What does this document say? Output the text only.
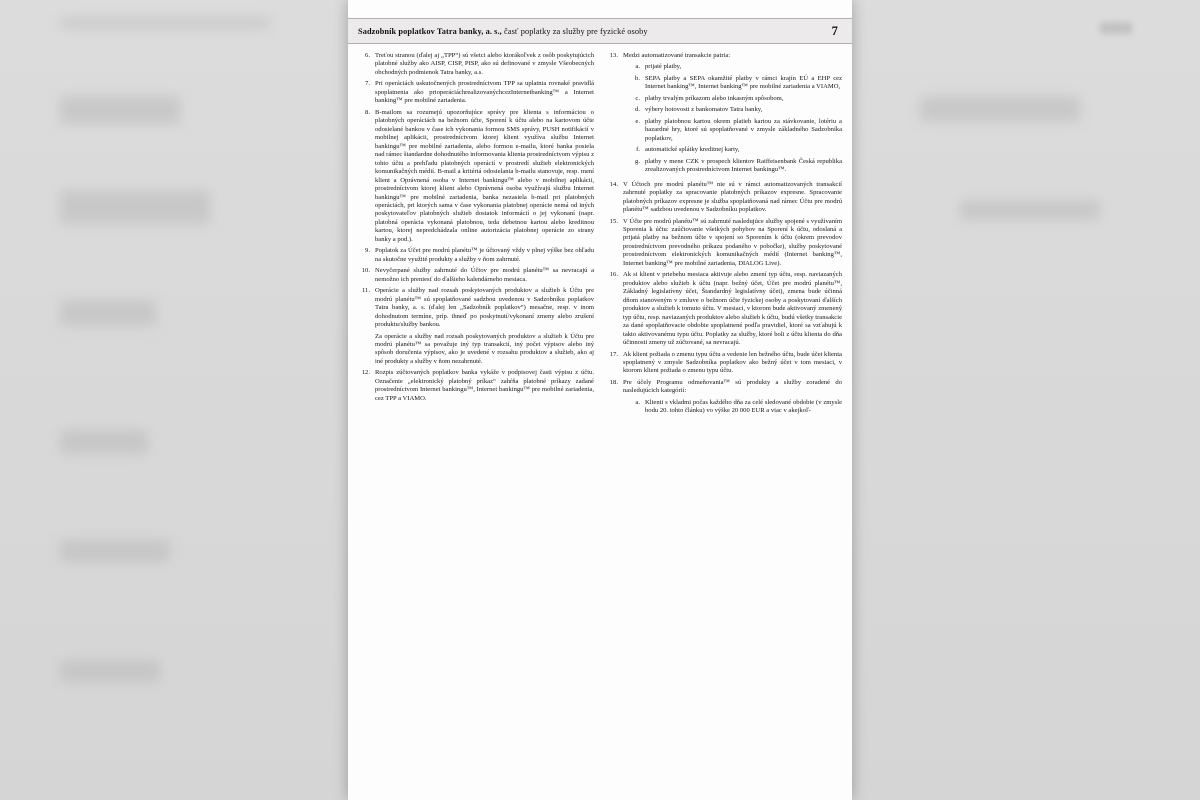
Sadzobník poplatkov Tatra banky, a. s., časť poplatky za služby pre fyzické osoby	7
6. Treťou stranou (ďalej aj „TPP“) sú všetci alebo ktorákoľvek z osôb poskytujúcich platobné služby ako AISP, CISP, PISP, ako sú definované v zmysle Všeobecných obchodných podmienok Tatra banky, a.s.

7. Pri operáciách uskutočnených prostredníctvom TPP sa uplatnia rovnaké pravidlá spoplatnenia ako prioperáciáchrealizovanýchcezInternetbanking™ a Internet banking™ pre mobilné zariadenia.

8. B-mailom sa rozumejú upozorňujúce správy pre klienta s informáciou o platobných operáciách na bežnom účte, Sporení k účtu alebo na kartovom účte odosielané bankou v čase ich vykonania formou SMS správy, PUSH notifikácií v mobilnej aplikácii, prostredníctvom ktorej klient využíva službu Internet bankingu™ pre mobilné zariadenia, alebo formou e-mailu, ktoré banka posiela nad rámec štandardne dohodnutého informovania klienta prostredníctvom výpisu z tohto účtu a prehľadu platobných operácií v prostredí služieb elektronických komunikačných médií. B-mail a kritériá odosielania b-mailu stanovuje, resp. mení klient a Oprávnená osoba v Internet bankingu™ alebo v mobilnej aplikácii, prostredníctvom ktorej klient alebo Oprávnená osoba využívajú službu Internet bankingu™ pre mobilné zariadenia, banka nezasiela b-mail pri platobných operáciách, pri ktorých sama v čase vykonania platobnej operácie nemá od iných poskytovateľov platobných služieb dostatok informácií o jej vykonaní (napr. platobná operácia vykonaná platobnou, teda debetnou kartou alebo kreditnou kartou, ktorej nepredchádzala online autorizácia platobnej operácie zo strany banky a pod.).

9. Poplatok za Účet pre modrú planétu™ je účtovaný vždy v plnej výške bez ohľadu na skutočne využité produkty a služby v ňom zahrnuté.

10. Nevyčerpané služby zahrnuté do Účtov pre modrú planétu™ sa nevracajú a nemožno ich preniesť do ďalšieho kalendárneho mesiaca.

11. Operácie a služby nad rozsah poskytovaných produktov a služieb k Účtu pre modrú planétu™ sú spoplatňované sadzbou uvedenou v Sadzobníku poplatkov Tatra banky, a. s. (ďalej len „Sadzobník poplatkov“) mesačne, resp. v inom dohodnutom termíne, príp. ihneď po poskytnutí/vykonaní zmeny alebo zrušení produktu/služby bankou.

Za operácie a služby nad rozsah poskytovaných produktov a služieb k Účtu pre modrú planétu™ sa považuje iný typ transakcií, iný počet výpisov alebo iný spôsob doručenia výpisov, ako je uvedené v rozsahu produktov a služieb, ako aj iné produkty a služby v ňom nezahrnuté.

12. Rozpis zúčtovaných poplatkov banka vykáže v podpisovej časti výpisu z účtu. Označenie „elektronický platobný príkaz“ zahŕňa platobné príkazy zadané prostredníctvom Internet bankingu™, Internet bankingu™ pre mobilné zariadenia, cez TPP a VIAMO.

13. Medzi automatizované transakcie patria:

a. prijaté platby,
b. SEPA platby a SEPA okamžité platby v rámci krajín EÚ a EHP cez Internet banking™, Internet banking™ pre mobilné zariadenia a VIAMO,
c. platby trvalým príkazom alebo inkasným spôsobom,
d. výbery hotovosti z bankomatov Tatra banky,
e. platby platobnou kartou okrem platieb kartou za stávkovanie, lotériu a hazardné hry, ktoré sú spoplatňované v zmysle základného Sadzobníka poplatkov,
f. automatické splátky kreditnej karty,
g. platby v mene CZK v prospech klientov Raiffeisenbank Česká republika zrealizovaných prostredníctvom Internet bankingu™.
14. V Účtoch pre modrú planétu™ nie sú v rámci automatizovaných transakcií zahrnuté poplatky za spracovanie platobných príkazov expresne. Spracovanie platobných príkazov expresne je služba spoplatňovaná nad rámec Účtu pre modrú planétu™ sadzbou uvedenou v Sadzobníku poplatkov.

15. V Účte pre modrú planétu™ sú zahrnuté nasledujúce služby spojené s využívaním Sporenia k účtu: zaúčtovanie všetkých pohybov na Sporení k účtu, odoslaná a prijatá platby na bežnom účte v spojení so Sporením k účtu (okrem prevodov prostredníctvom prevodného príkazu podaného v pobočke), služby poskytované prostredníctvom elektronických komunikačných médií (Internet banking™, Internet banking™ pre mobilné zariadenia, DIALOG Live).

16. Ak si klient v priebehu mesiaca aktivuje alebo zmení typ účtu, resp. naviazaných produktov alebo služieb k účtu (napr. bežný účet, Účet pre modrú planétu™, Základný legislatívny účet, Štandardný legislatívny účet), zmena bude účinná dňom stanoveným v zmluve o bežnom účte fyzickej osoby a poskytovaní ďalších produktov a služieb k tomuto účtu. V mesiaci, v ktorom bude aktivovaný zmenený typ účtu, resp. naviazaných produktov alebo služieb k účtu, budú všetky transakcie za dané spoplatňovacie obdobie spoplatnené podľa pravidiel, ktoré sa vzťahujú k takto aktivovanému typu účtu. Poplatky za služby, ktoré boli z účtu klienta do dňa účinnosti zmeny už zúčtované, sa nevracajú.

17. Ak klient požiada o zmenu typu účtu a vedenie len bežného účtu, bude účet klienta spoplatnený v zmysle Sadzobníka poplatkov ako bežný účet v tom mesiaci, v ktorom klient požiada o zmenu typu účtu.

18. Pre účely Programu odmeňovania™ sú produkty a služby zoradené do nasledujúcich kategórií:

a. Klienti s vkladmi počas každého dňa za celé sledované obdobie (v zmysle bodu 20. tohto článku) vo výške 20 000 EUR a viac v akejkoľ-
